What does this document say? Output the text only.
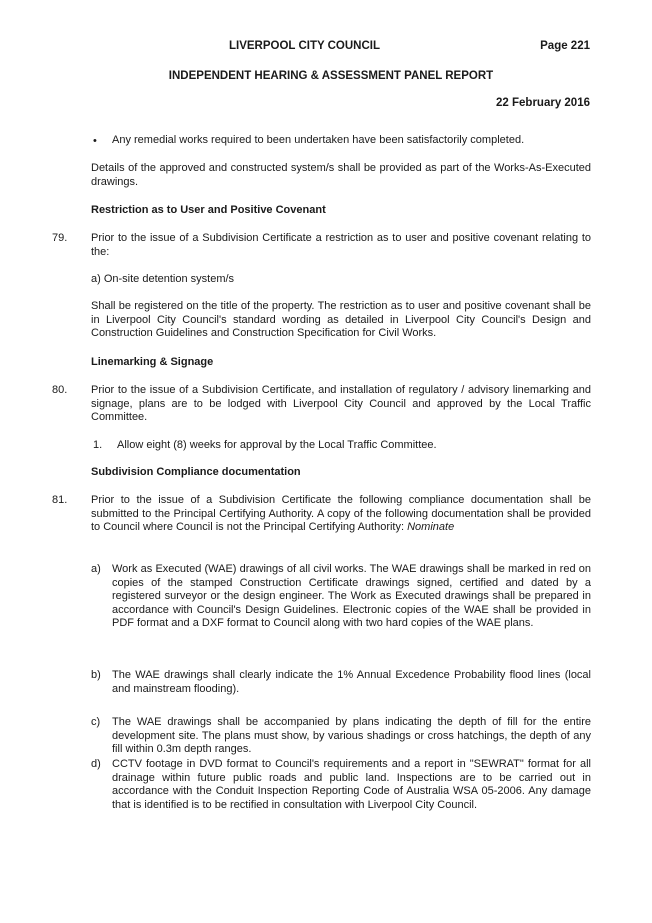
LIVERPOOL CITY COUNCIL	Page 221
INDEPENDENT HEARING & ASSESSMENT PANEL REPORT
22 February 2016
• Any remedial works required to been undertaken have been satisfactorily completed.
Details of the approved and constructed system/s shall be provided as part of the Works-As-Executed drawings.
Restriction as to User and Positive Covenant
79. Prior to the issue of a Subdivision Certificate a restriction as to user and positive covenant relating to the:
a) On-site detention system/s
Shall be registered on the title of the property. The restriction as to user and positive covenant shall be in Liverpool City Council's standard wording as detailed in Liverpool City Council's Design and Construction Guidelines and Construction Specification for Civil Works.
Linemarking & Signage
80. Prior to the issue of a Subdivision Certificate, and installation of regulatory / advisory linemarking and signage, plans are to be lodged with Liverpool City Council and approved by the Local Traffic Committee.
1. Allow eight (8) weeks for approval by the Local Traffic Committee.
Subdivision Compliance documentation
81. Prior to the issue of a Subdivision Certificate the following compliance documentation shall be submitted to the Principal Certifying Authority. A copy of the following documentation shall be provided to Council where Council is not the Principal Certifying Authority: Nominate
a) Work as Executed (WAE) drawings of all civil works. The WAE drawings shall be marked in red on copies of the stamped Construction Certificate drawings signed, certified and dated by a registered surveyor or the design engineer. The Work as Executed drawings shall be prepared in accordance with Council's Design Guidelines. Electronic copies of the WAE shall be provided in PDF format and a DXF format to Council along with two hard copies of the WAE plans.
b) The WAE drawings shall clearly indicate the 1% Annual Excedence Probability flood lines (local and mainstream flooding).
c) The WAE drawings shall be accompanied by plans indicating the depth of fill for the entire development site. The plans must show, by various shadings or cross hatchings, the depth of any fill within 0.3m depth ranges.
d) CCTV footage in DVD format to Council's requirements and a report in "SEWRAT" format for all drainage within future public roads and public land. Inspections are to be carried out in accordance with the Conduit Inspection Reporting Code of Australia WSA 05-2006. Any damage that is identified is to be rectified in consultation with Liverpool City Council.
